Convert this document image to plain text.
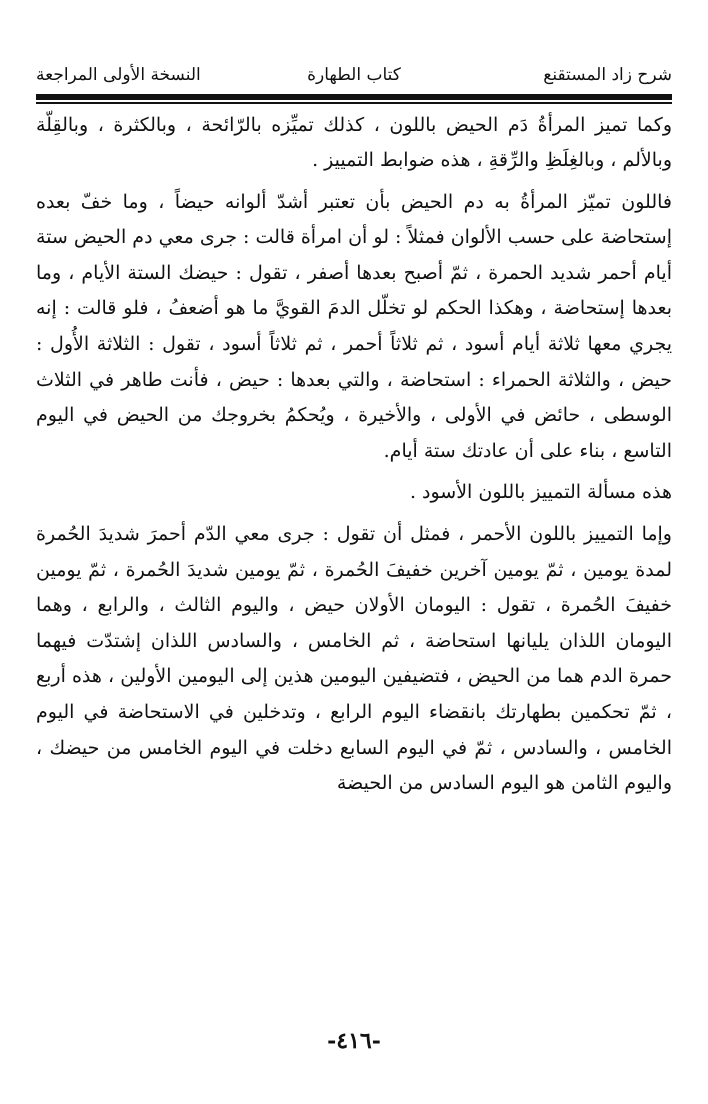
شرح زاد المستقنع
كتاب الطهارة
النسخة الأولى المراجعة

وكما تميز المرأةُ دَم الحيض باللون ، كذلك تميِّزه بالرّائحة ، وبالكثرة ، وبالقِلّة وبالألم ، وبالغِلَظِ والرِّقةِ ، هذه ضوابط التمييز .

فاللون تميّز المرأةُ به دم الحيض بأن تعتبر أشدّ ألوانه حيضاً ، وما خفّ بعده إستحاضة على حسب الألوان فمثلاً : لو أن امرأة قالت : جرى معي دم الحيض ستة أيام أحمر شديد الحمرة ، ثمّ أصبح بعدها أصفر ، تقول : حيضك الستة الأيام ، وما بعدها إستحاضة ، وهكذا الحكم لو تخلّل الدمَ القويَّ ما هو أضعفُ ، فلو قالت : إنه يجري معها ثلاثة أيام أسود ، ثم ثلاثاً أحمر ، ثم ثلاثاً أسود ، تقول : الثلاثة الأُول : حيض ، والثلاثة الحمراء : استحاضة ، والتي بعدها : حيض ، فأنت طاهر في الثلاث الوسطى ، حائض في الأولى ، والأخيرة ، ويُحكمُ بخروجك من الحيض في اليوم التاسع ، بناء على أن عادتك ستة أيام.

هذه مسألة التمييز باللون الأسود .

وإما التمييز باللون الأحمر ، فمثل أن تقول : جرى معي الدّم أحمرَ شديدَ الحُمرة لمدة يومين ، ثمّ يومين آخرين خفيفَ الحُمرة ، ثمّ يومين شديدَ الحُمرة ، ثمّ يومين خفيفَ الحُمرة ، تقول : اليومان الأولان حيض ، واليوم الثالث ، والرابع ، وهما اليومان اللذان يليانها استحاضة ، ثم الخامس ، والسادس اللذان إشتدّت فيهما حمرة الدم هما من الحيض ، فتضيفين اليومين هذين إلى اليومين الأولين ، هذه أربع ، ثمّ تحكمين بطهارتك بانقضاء اليوم الرابع ، وتدخلين في الاستحاضة في اليوم الخامس ، والسادس ، ثمّ في اليوم السابع دخلت في اليوم الخامس من حيضك ، واليوم الثامن هو اليوم السادس من الحيضة

-٤١٦-
